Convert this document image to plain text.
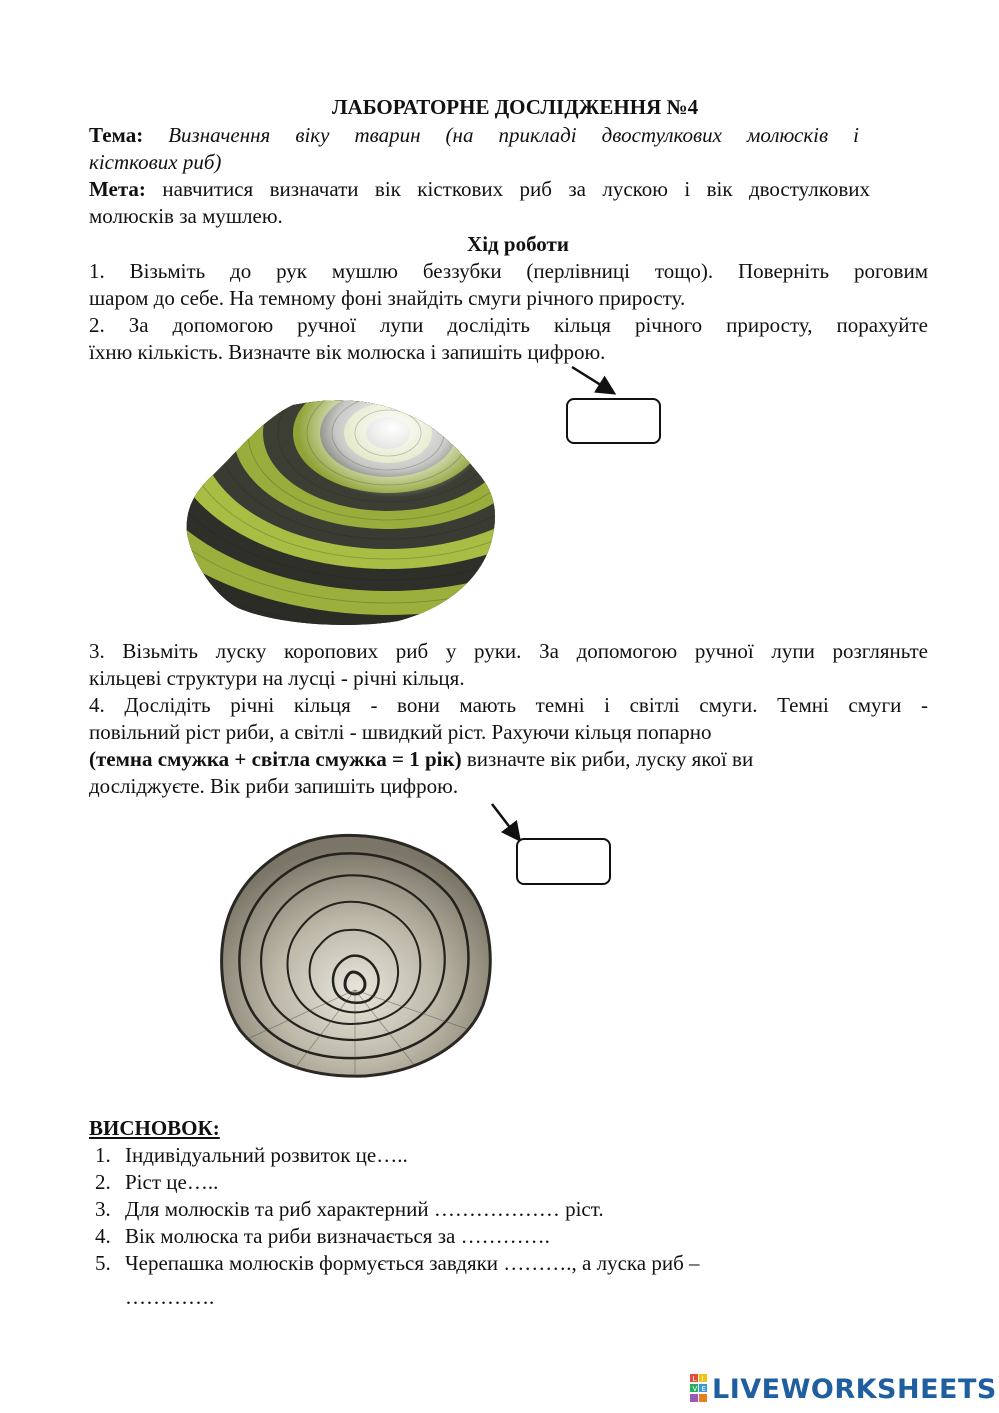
ЛАБОРАТОРНЕ ДОСЛІДЖЕННЯ №4
Тема: Визначення віку тварин (на прикладі двостулкових молюсків і
кісткових риб)
Мета: навчитися визначати вік кісткових риб за лускою і вік двостулкових
молюсків за мушлею.
Хід роботи
1. Візьміть до рук мушлю беззубки (перлівниці тощо). Поверніть роговим
шаром до себе. На темному фоні знайдіть смуги річного приросту.
2. За допомогою ручної лупи дослідіть кільця річного приросту, порахуйте
їхню кількість. Визначте вік молюска і запишіть цифрою.
3. Візьміть луску коропових риб у руки. За допомогою ручної лупи розгляньте
кільцеві структури на лусці - річні кільця.
4. Дослідіть річні кільця - вони мають темні і світлі смуги. Темні смуги -
повільний ріст риби, а світлі - швидкий ріст. Рахуючи кільця попарно
(темна смужка + світла смужка = 1 рік) визначте вік риби, луску якої ви
досліджуєте. Вік риби запишіть цифрою.
ВИСНОВОК:
1. Індивідуальний розвиток це…..
2. Ріст це…..
3. Для молюсків та риб характерний ……………… ріст.
4. Вік молюска та риби визначається за ………….
5. Черепашка молюсків формується завдяки ………., а луска риб –
………….
L I
V E LIVEWORKSHEETS
